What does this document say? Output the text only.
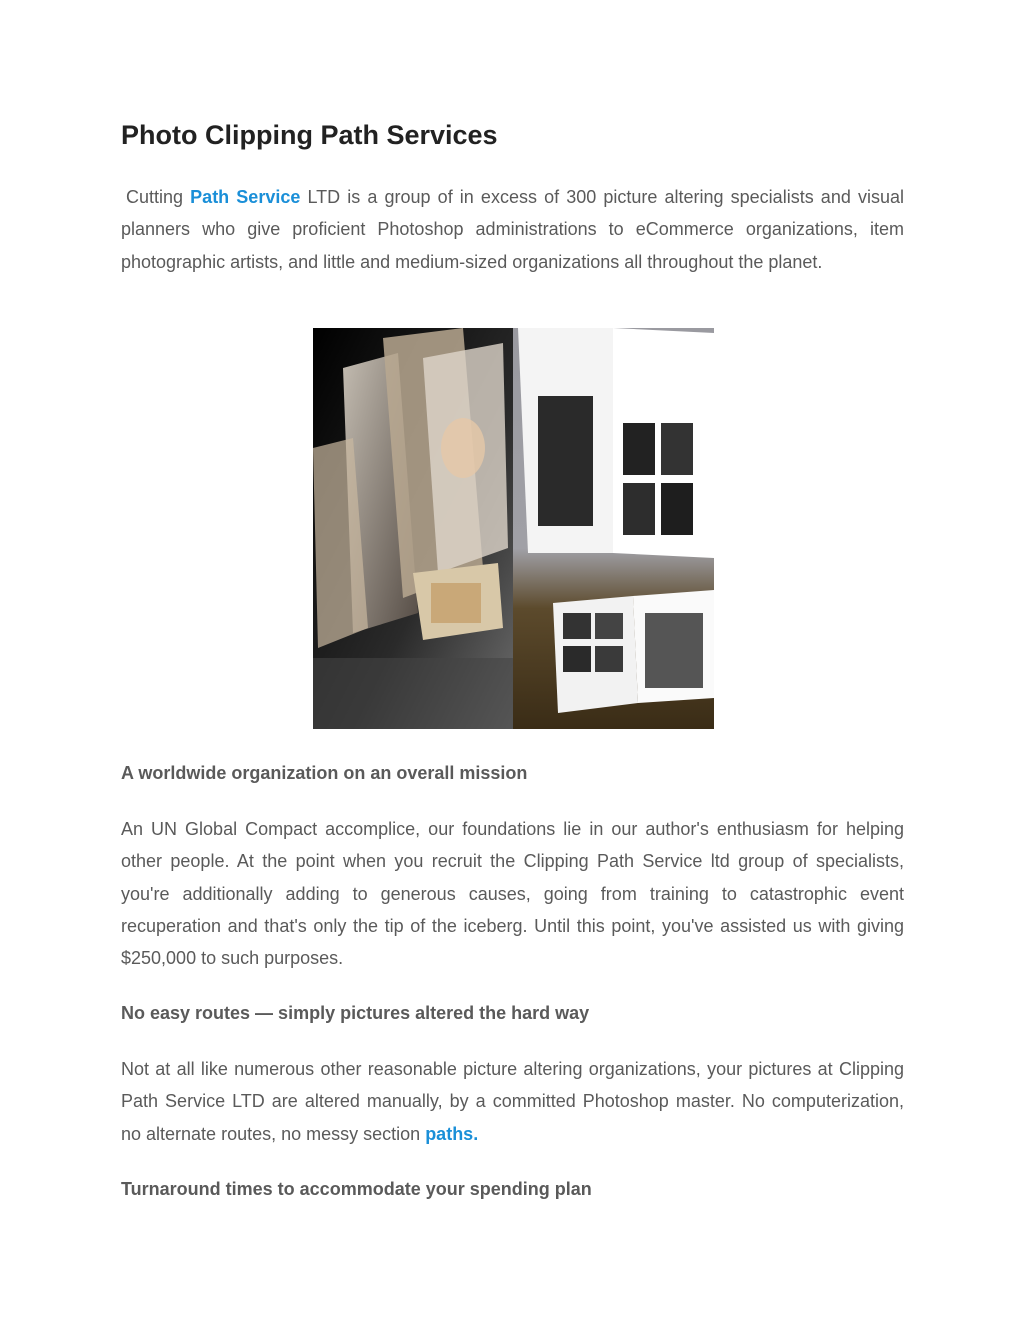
Photo Clipping Path Services

Cutting Path Service LTD is a group of in excess of 300 picture altering specialists and visual planners who give proficient Photoshop administrations to eCommerce organizations, item photographic artists, and little and medium-sized organizations all throughout the planet.

A worldwide organization on an overall mission

An UN Global Compact accomplice, our foundations lie in our author's enthusiasm for helping other people. At the point when you recruit the Clipping Path Service ltd group of specialists, you're additionally adding to generous causes, going from training to catastrophic event recuperation and that's only the tip of the iceberg. Until this point, you've assisted us with giving $250,000 to such purposes.

No easy routes — simply pictures altered the hard way

Not at all like numerous other reasonable picture altering organizations, your pictures at Clipping Path Service LTD are altered manually, by a committed Photoshop master. No computerization, no alternate routes, no messy section paths.

Turnaround times to accommodate your spending plan
